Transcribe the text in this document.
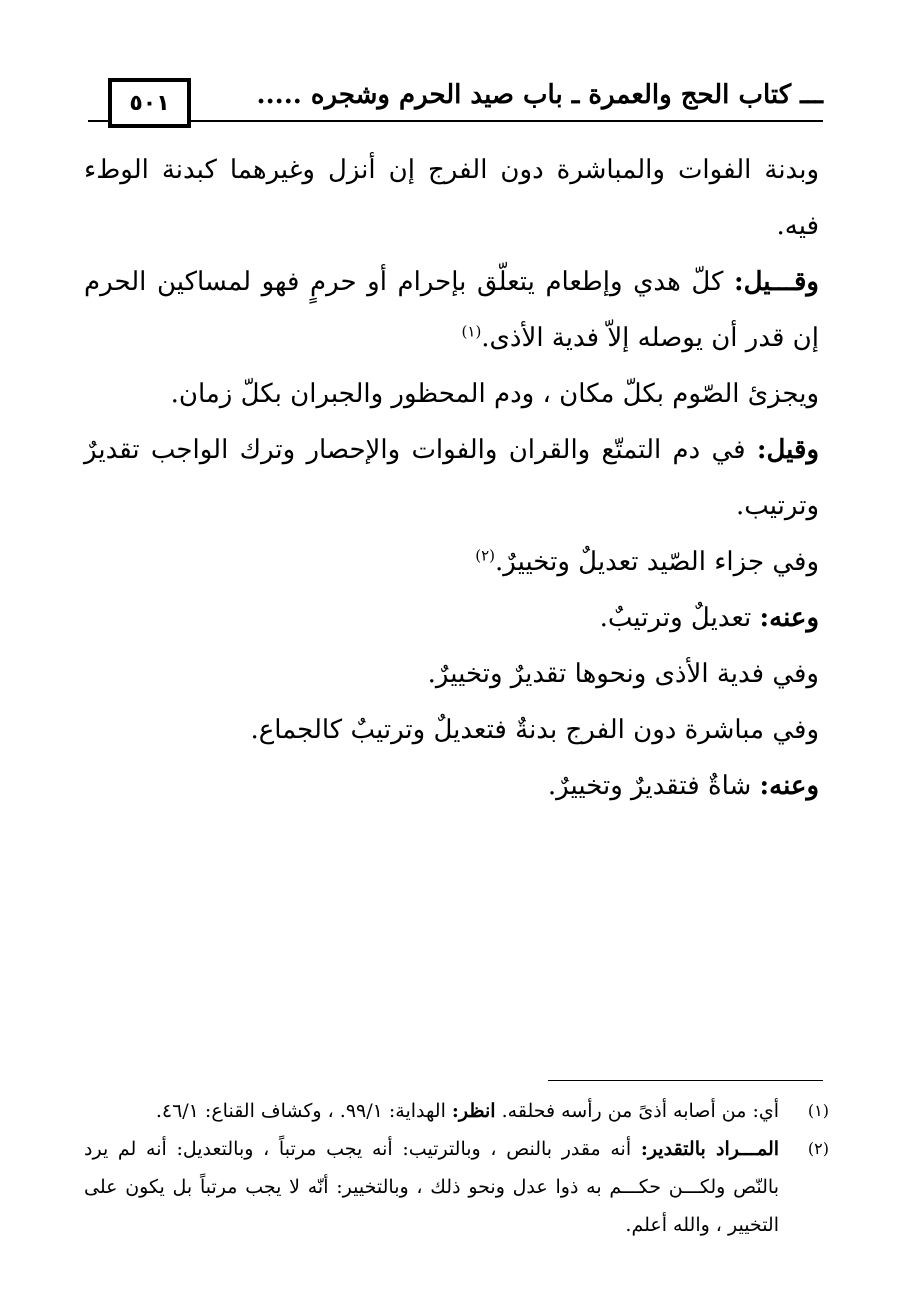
٥٠١	ـــ كتاب الحج والعمرة ـ باب صيد الحرم وشجره .....

وبدنة الفوات والمباشرة دون الفرج إن أنزل وغيرهما كبدنة الوطء فيه.

وقـــيل: كلّ هدي وإطعام يتعلّق بإحرام أو حرمٍ فهو لمساكين الحرم إن قدر أن يوصله إلاّ فدية الأذى.$^{(١)}$

ويجزئ الصّوم بكلّ مكان ، ودم المحظور والجبران بكلّ زمان.

وقيل: في دم التمتّع والقران والفوات والإحصار وترك الواجب تقديرٌ وترتيب.

وفي جزاء الصّيد تعديلٌ وتخييرٌ.$^{(٢)}$

وعنه: تعديلٌ وترتيبٌ.

وفي فدية الأذى ونحوها تقديرٌ وتخييرٌ.

وفي مباشرة دون الفرج بدنةٌ فتعديلٌ وترتيبٌ كالجماع.

وعنه: شاةٌ فتقديرٌ وتخييرٌ.

(١)
أي: من أصابه أذىً من رأسه فحلقه. انظر: الهداية: ٩٩/١. ، وكشاف القناع: ٤٦/١.
(٢)
المـــراد بالتقدير: أنه مقدر بالنص ، وبالترتيب: أنه يجب مرتباً ، وبالتعديل: أنه لم يرد بالنّص ولكـــن حكـــم به ذوا عدل ونحو ذلك ، وبالتخيير: أنّه لا يجب مرتباً بل يكون على التخيير ، والله أعلم.
